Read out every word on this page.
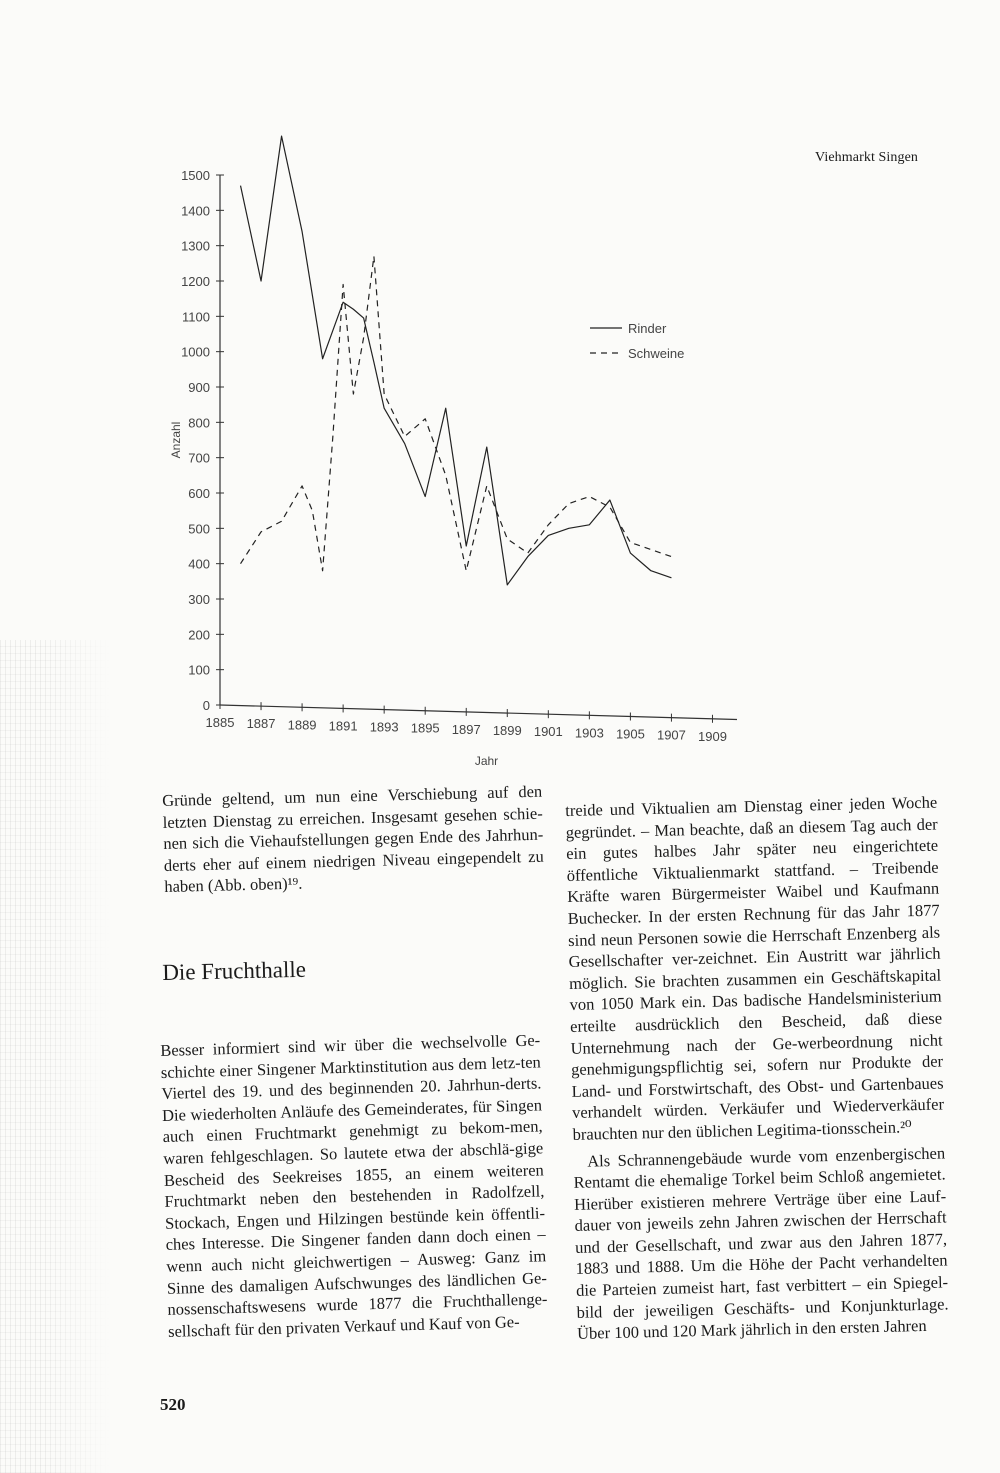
Viehmarkt Singen
0
100
200
300
400
500
600
700
800
900
1000
1100
1200
1300
1400
1500
1885 1887 1889 1891 1893 1895 1897 1899 1901 1903 1905 1907 1909
Jahr
Anzahl
Rinder
Schweine

Gründe geltend, um nun eine Verschiebung auf den letzten Dienstag zu erreichen. Insgesamt gesehen schie-nen sich die Viehaufstellungen gegen Ende des Jahrhun-derts eher auf einem niedrigen Niveau eingependelt zu haben (Abb. oben)¹⁹.

Die Fruchthalle

Besser informiert sind wir über die wechselvolle Ge-schichte einer Singener Marktinstitution aus dem letz-ten Viertel des 19. und des beginnenden 20. Jahrhun-derts. Die wiederholten Anläufe des Gemeinderates, für Singen auch einen Fruchtmarkt genehmigt zu bekom-men, waren fehlgeschlagen. So lautete etwa der abschlä-gige Bescheid des Seekreises 1855, an einem weiteren Fruchtmarkt neben den bestehenden in Radolfzell, Stockach, Engen und Hilzingen bestünde kein öffentli-ches Interesse. Die Singener fanden dann doch einen – wenn auch nicht gleichwertigen – Ausweg: Ganz im Sinne des damaligen Aufschwunges des ländlichen Ge-nossenschaftswesens wurde 1877 die Fruchthallenge-sellschaft für den privaten Verkauf und Kauf von Ge-

treide und Viktualien am Dienstag einer jeden Woche gegründet. – Man beachte, daß an diesem Tag auch der ein gutes halbes Jahr später neu eingerichtete öffentliche Viktualienmarkt stattfand. – Treibende Kräfte waren Bürgermeister Waibel und Kaufmann Buchecker. In der ersten Rechnung für das Jahr 1877 sind neun Personen sowie die Herrschaft Enzenberg als Gesellschafter ver-zeichnet. Ein Austritt war jährlich möglich. Sie brachten zusammen ein Geschäftskapital von 1050 Mark ein. Das badische Handelsministerium erteilte ausdrücklich den Bescheid, daß diese Unternehmung nach der Ge-werbeordnung nicht genehmigungspflichtig sei, sofern nur Produkte der Land- und Forstwirtschaft, des Obst- und Gartenbaues verhandelt würden. Verkäufer und Wiederverkäufer brauchten nur den üblichen Legitima-tionsschein.²⁰

Als Schrannengebäude wurde vom enzenbergischen Rentamt die ehemalige Torkel beim Schloß angemietet. Hierüber existieren mehrere Verträge über eine Lauf-dauer von jeweils zehn Jahren zwischen der Herrschaft und der Gesellschaft, und zwar aus den Jahren 1877, 1883 und 1888. Um die Höhe der Pacht verhandelten die Parteien zumeist hart, fast verbittert – ein Spiegel-bild der jeweiligen Geschäfts- und Konjunkturlage. Über 100 und 120 Mark jährlich in den ersten Jahren

520
